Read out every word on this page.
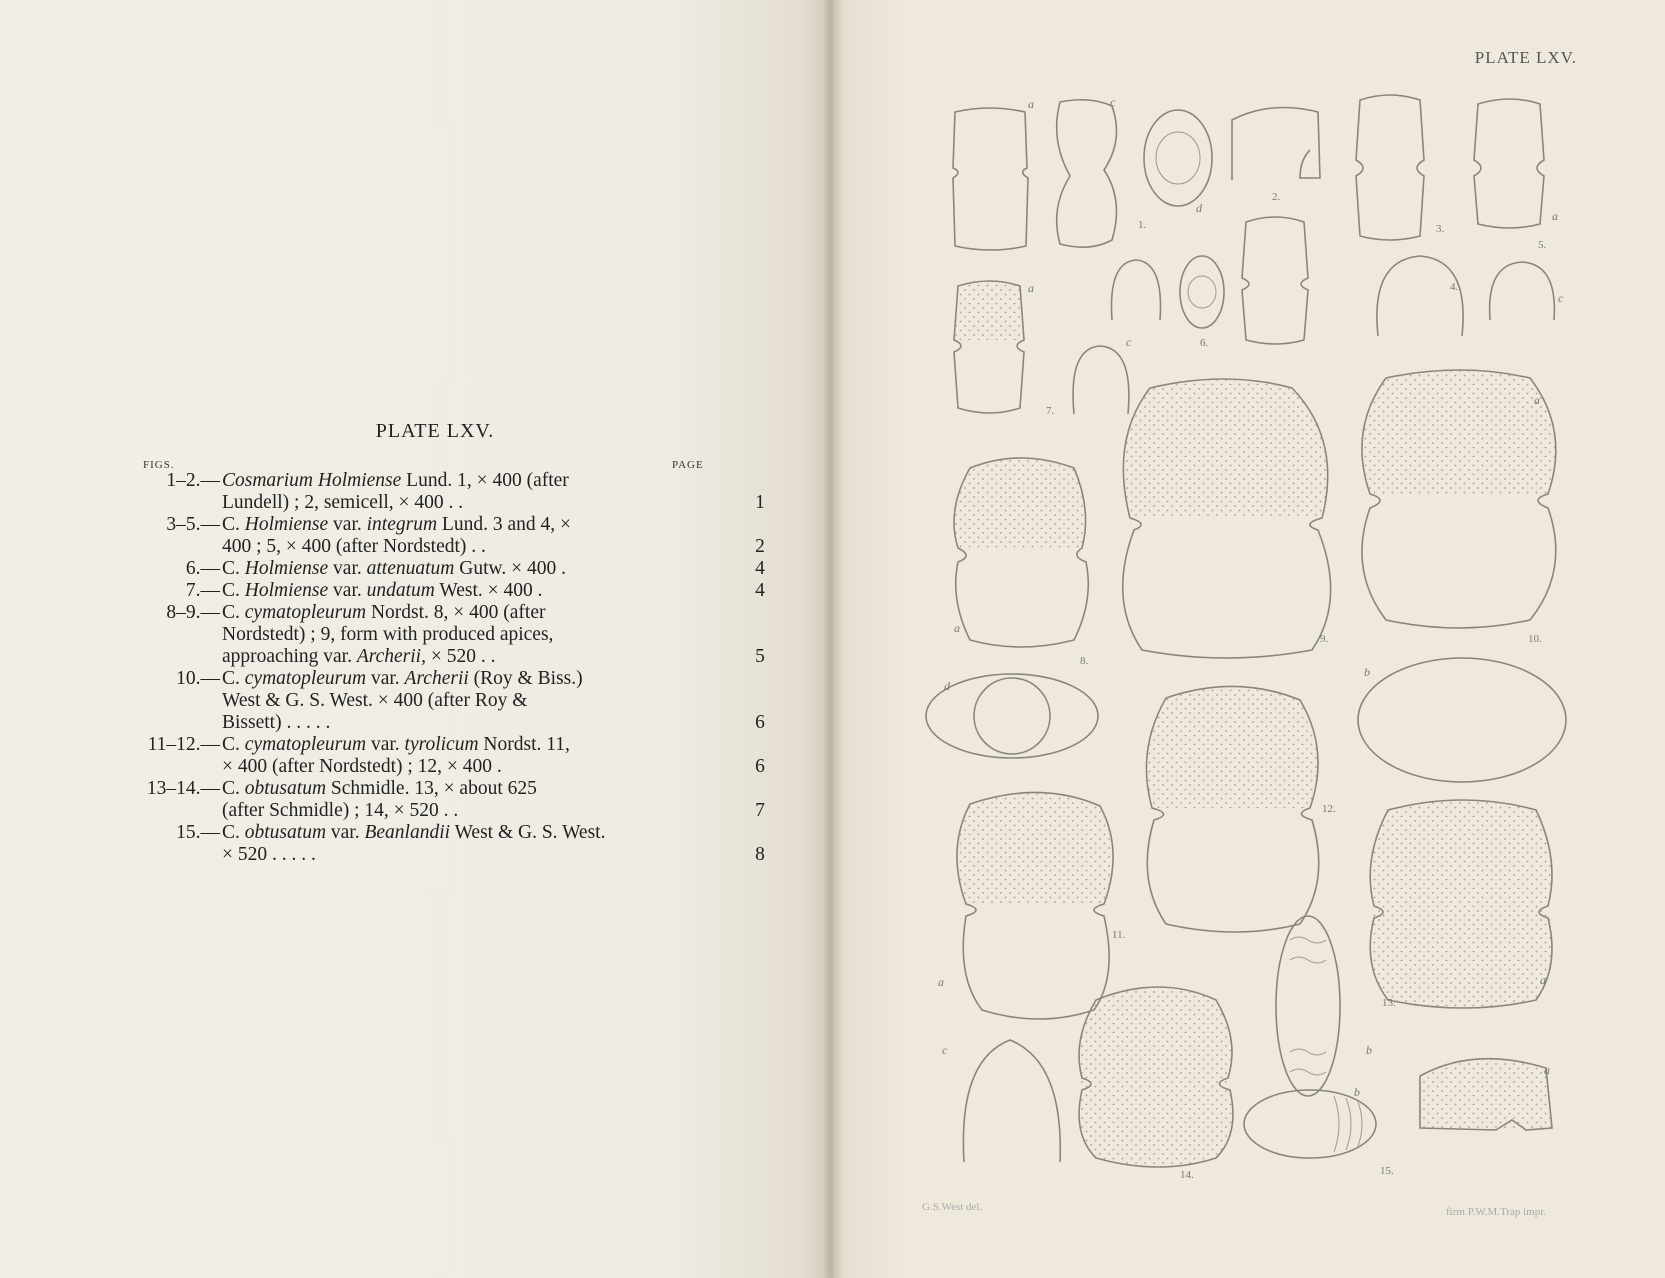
PLATE LXV.
FIGS.	PAGE
1–2.— Cosmarium Holmiense Lund. 1, × 400 (after
Lundell) ; 2, semicell, × 400 . .	1
3–5.— C. Holmiense var. integrum Lund. 3 and 4, ×
400 ; 5, × 400 (after Nordstedt) . .	2
6.— C. Holmiense var. attenuatum Gutw. × 400 .	4
7.— C. Holmiense var. undatum West. × 400 .	4
8–9.— C. cymatopleurum Nordst. 8, × 400 (after
Nordstedt) ; 9, form with produced apices,
approaching var. Archerii, × 520 . .	5
10.— C. cymatopleurum var. Archerii (Roy & Biss.)
West & G. S. West. × 400 (after Roy &
Bissett) . . . . .	6
11–12.— C. cymatopleurum var. tyrolicum Nordst. 11,
× 400 (after Nordstedt) ; 12, × 400 .	6
13–14.— C. obtusatum Schmidle. 13, × about 625
(after Schmidle) ; 14, × 520 . .	7
15.— C. obtusatum var. Beanlandii West & G. S. West.
× 520 . . . . .	8
PLATE LXV.
G.S.West del.	firm P.W.M.Trap impr.
a	c
d
1.
2.
3.
a
5.
c
4.
6.
a
c
7.
a
d
8.
9.
a
b
10.
12.
a
c
11.
b
a
13.
14.
b
a
15.
